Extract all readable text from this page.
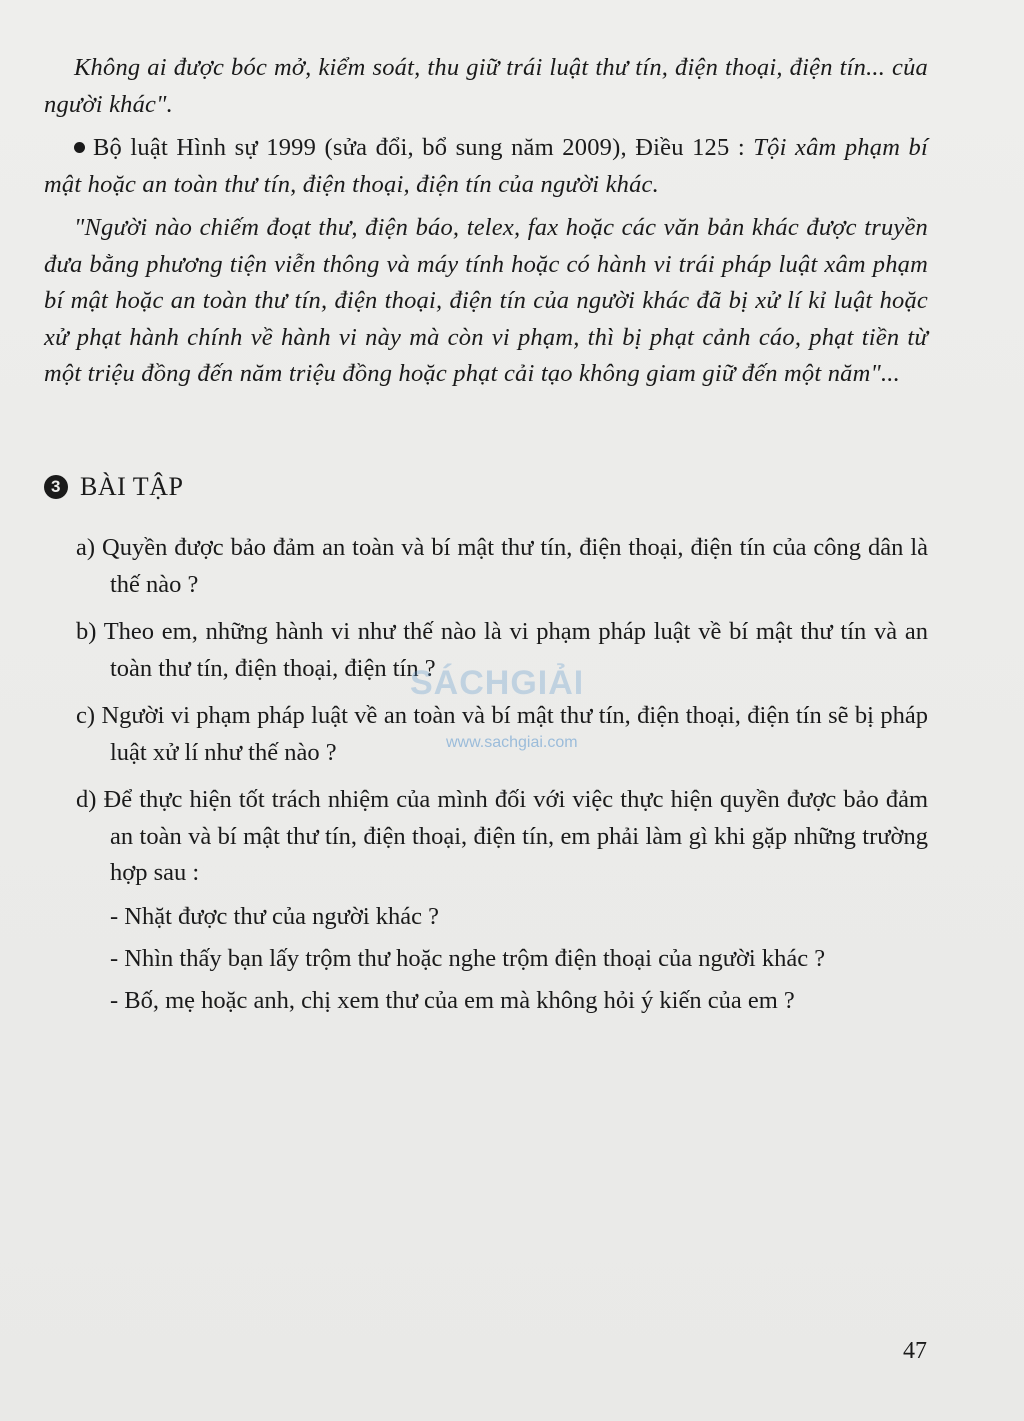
Không ai được bóc mở, kiểm soát, thu giữ trái luật thư tín, điện thoại, điện tín... của người khác".

Bộ luật Hình sự 1999 (sửa đổi, bổ sung năm 2009), Điều 125 : Tội xâm phạm bí mật hoặc an toàn thư tín, điện thoại, điện tín của người khác.

"Người nào chiếm đoạt thư, điện báo, telex, fax hoặc các văn bản khác được truyền đưa bằng phương tiện viễn thông và máy tính hoặc có hành vi trái pháp luật xâm phạm bí mật hoặc an toàn thư tín, điện thoại, điện tín của người khác đã bị xử lí kỉ luật hoặc xử phạt hành chính về hành vi này mà còn vi phạm, thì bị phạt cảnh cáo, phạt tiền từ một triệu đồng đến năm triệu đồng hoặc phạt cải tạo không giam giữ đến một năm"...

3 BÀI TẬP

a) Quyền được bảo đảm an toàn và bí mật thư tín, điện thoại, điện tín của công dân là thế nào ?

b) Theo em, những hành vi như thế nào là vi phạm pháp luật về bí mật thư tín và an toàn thư tín, điện thoại, điện tín ?

c) Người vi phạm pháp luật về an toàn và bí mật thư tín, điện thoại, điện tín sẽ bị pháp luật xử lí như thế nào ?

d) Để thực hiện tốt trách nhiệm của mình đối với việc thực hiện quyền được bảo đảm an toàn và bí mật thư tín, điện thoại, điện tín, em phải làm gì khi gặp những trường hợp sau :

- Nhặt được thư của người khác ?
- Nhìn thấy bạn lấy trộm thư hoặc nghe trộm điện thoại của người khác ?
- Bố, mẹ hoặc anh, chị xem thư của em mà không hỏi ý kiến của em ?
SÁCHGIẢI
www.sachgiai.com
47
